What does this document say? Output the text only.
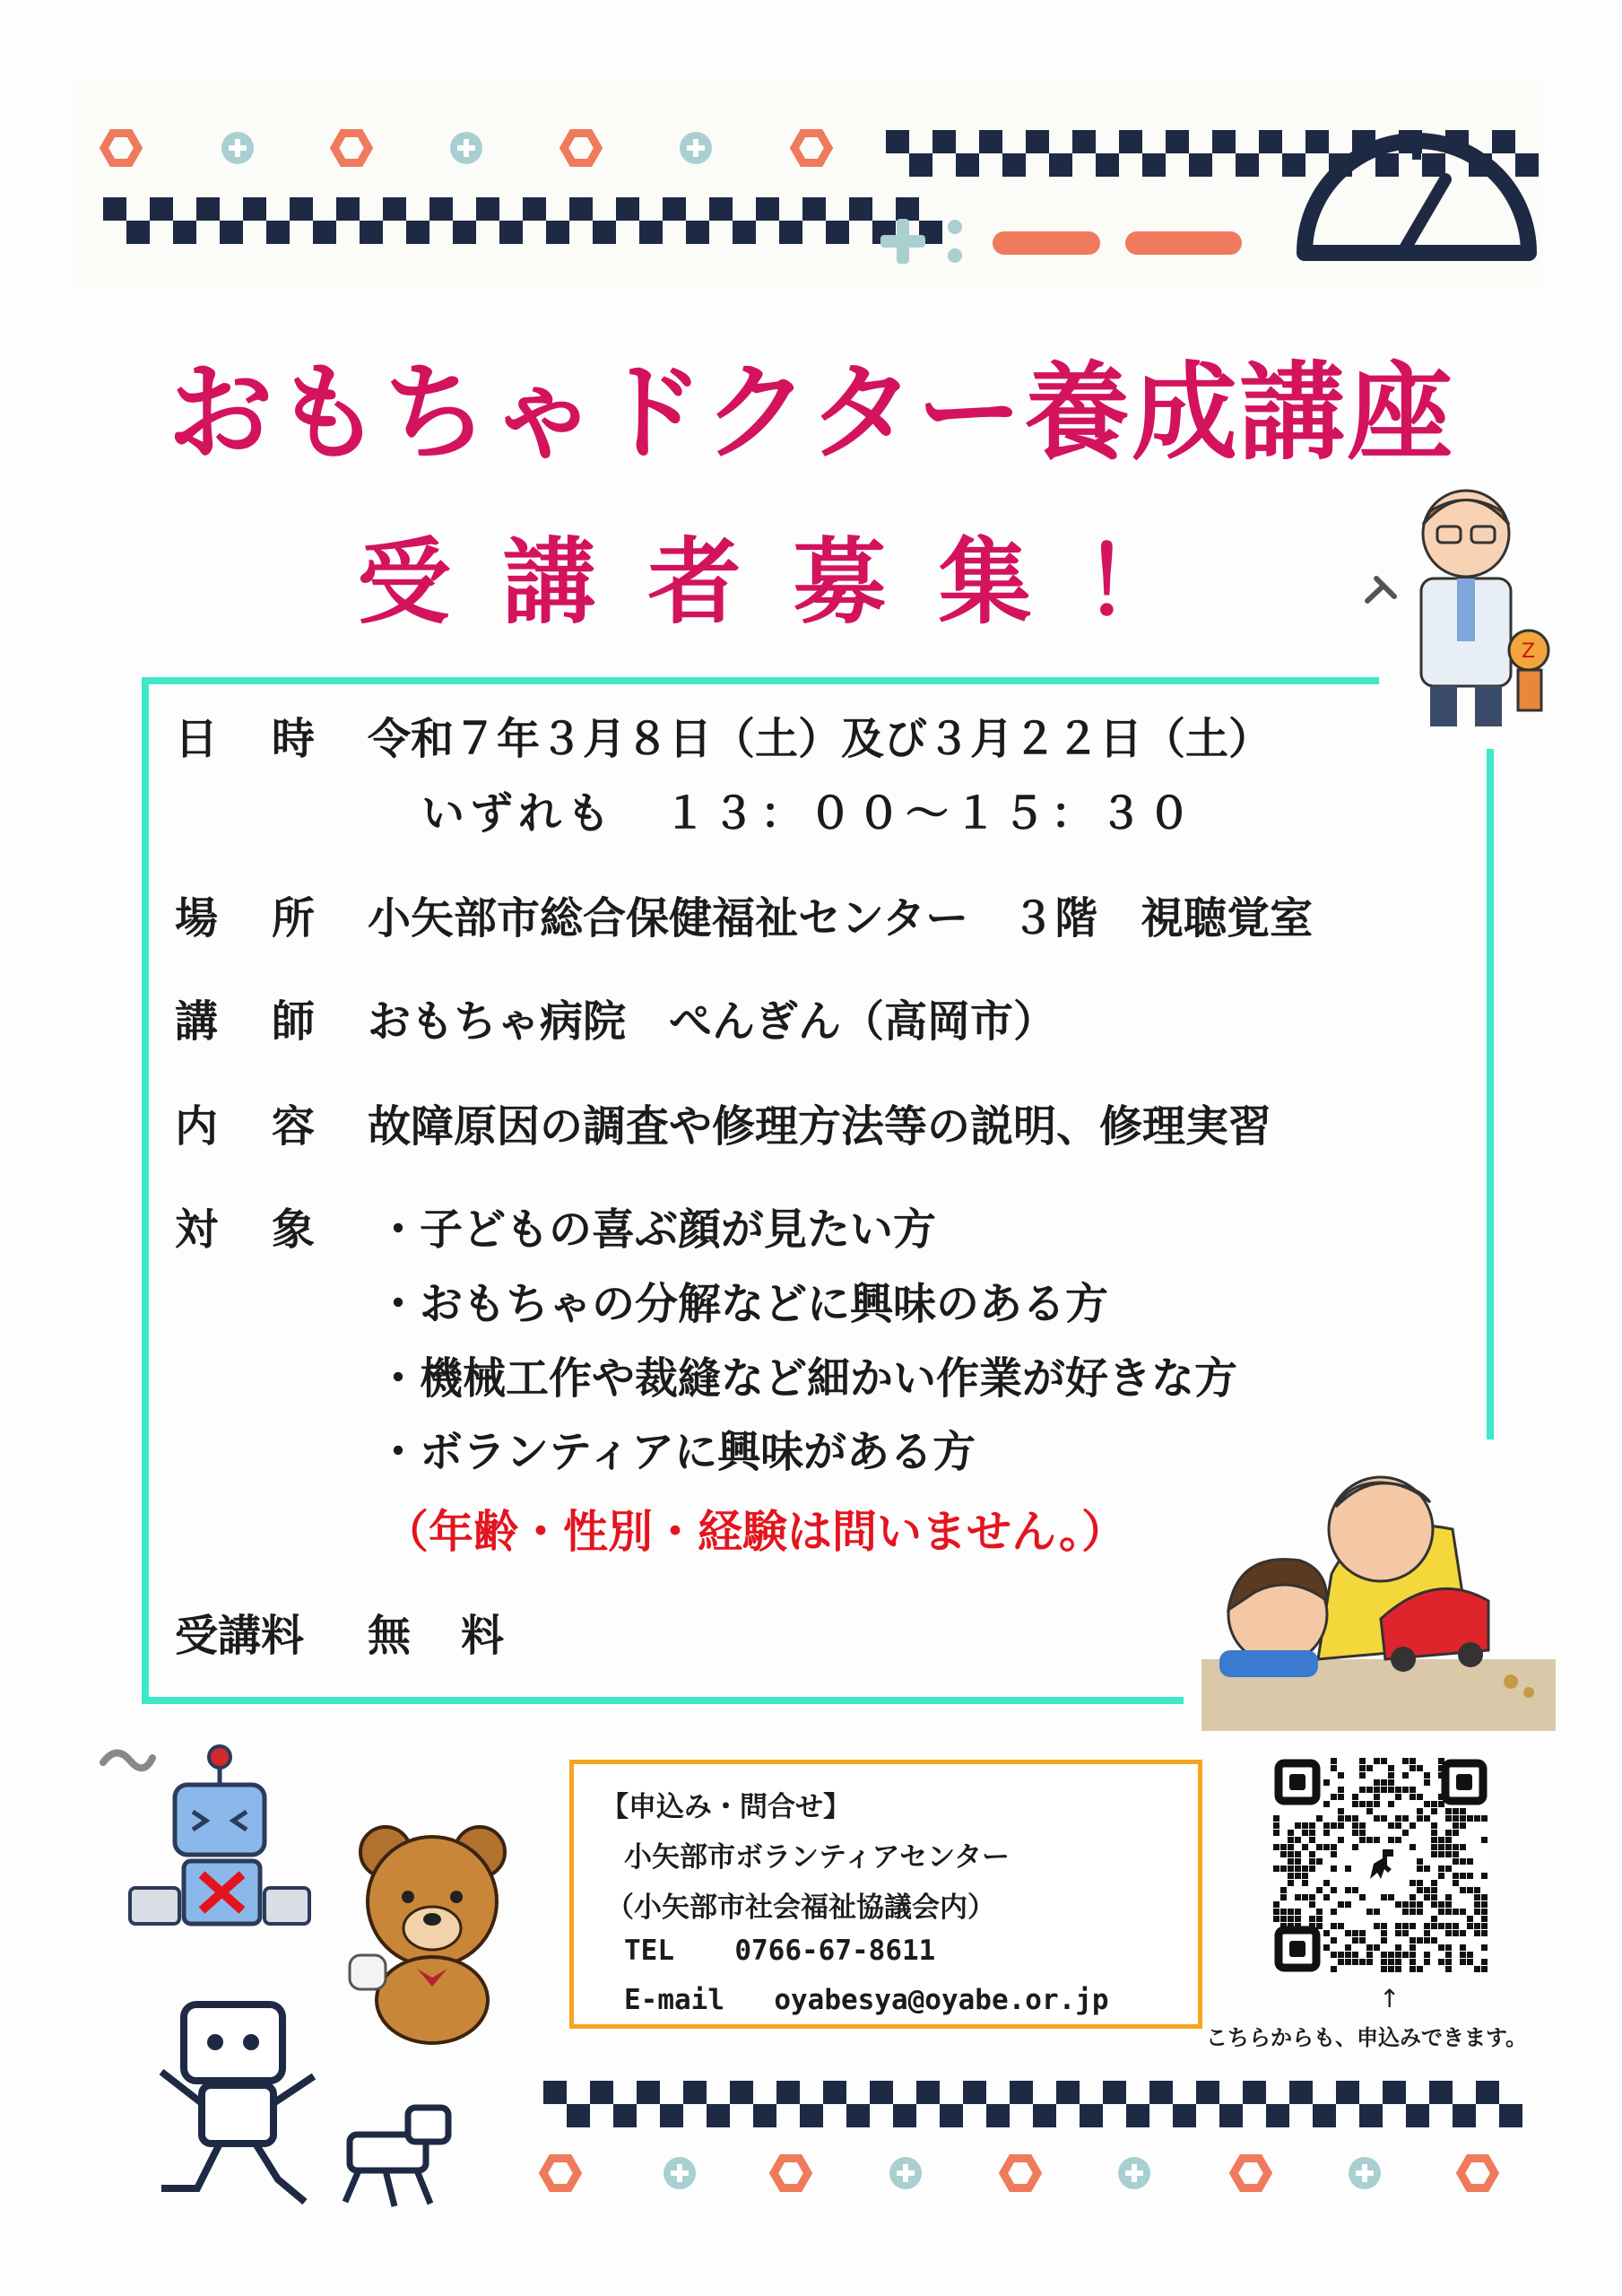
おもちゃドクター養成講座
受講者募集！
Z
日　時 令和７年３月８日（土）及び３月２２日（土）
いずれも　１３：００～１５：３０
場　所 小矢部市総合保健福祉センター　３階　視聴覚室
講　師 おもちゃ病院　ぺんぎん（高岡市）
内　容 故障原因の調査や修理方法等の説明、修理実習
対　象	・子どもの喜ぶ顔が見たい方
・おもちゃの分解などに興味のある方
・機械工作や裁縫など細かい作業が好きな方
・ボランティアに興味がある方
（年齢・性別・経験は問いません。）
受講料 無　料
【申込み・問合せ】
小矢部市ボランティアセンター
（小矢部市社会福祉協議会内）
TEL 0766-67-8611
E-mail oyabesya@oyabe.or.jp	↑
こちらからも、申込みできます。
